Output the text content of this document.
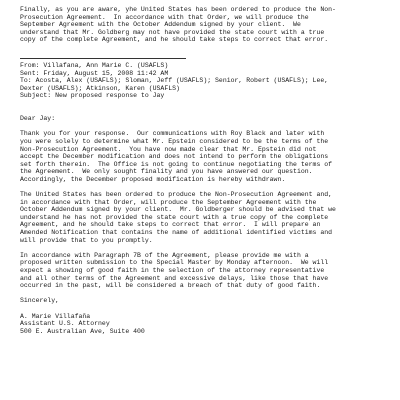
Finally, as you are aware, yhe United States has been ordered to produce the Non-

Prosecution Agreement.  In accordance with that Order, we will produce the

September Agreement with the October Addendum signed by your client.  We

understand that Mr. Goldberg may not have provided the state court with a true

copy of the complete Agreement, and he should take steps to correct that error.

From: Villafana, Ann Marie C. (USAFLS)

Sent: Friday, August 15, 2008 11:42 AM

To: Acosta, Alex (USAFLS); Sloman, Jeff (USAFLS); Senior, Robert (USAFLS); Lee,

Dexter (USAFLS); Atkinson, Karen (USAFLS)

Subject: New proposed response to Jay

Dear Jay:

Thank you for your response.  Our communications with Roy Black and later with

you were solely to determine what Mr. Epstein considered to be the terms of the

Non-Prosecution Agreement.  You have now made clear that Mr. Epstein did not

accept the December modification and does not intend to perform the obligations

set forth therein.  The Office is not going to continue negotiating the terms of

the Agreement.  We only sought finality and you have answered our question.

Accordingly, the December proposed modification is hereby withdrawn.

The United States has been ordered to produce the Non-Prosecution Agreement and,

in accordance with that Order, will produce the September Agreement with the

October Addendum signed by your client.  Mr. Goldberger should be advised that we

understand he has not provided the state court with a true copy of the complete

Agreement, and he should take steps to correct that error.  I will prepare an

Amended Notification that contains the name of additional identified victims and

will provide that to you promptly.

In accordance with Paragraph 7B of the Agreement, please provide me with a

proposed written submission to the Special Master by Monday afternoon.  We will

expect a showing of good faith in the selection of the attorney representative

and all other terms of the Agreement and excessive delays, like those that have

occurred in the past, will be considered a breach of that duty of good faith.

Sincerely,

A. Marie Villafaña

Assistant U.S. Attorney

500 E. Australian Ave, Suite 400
